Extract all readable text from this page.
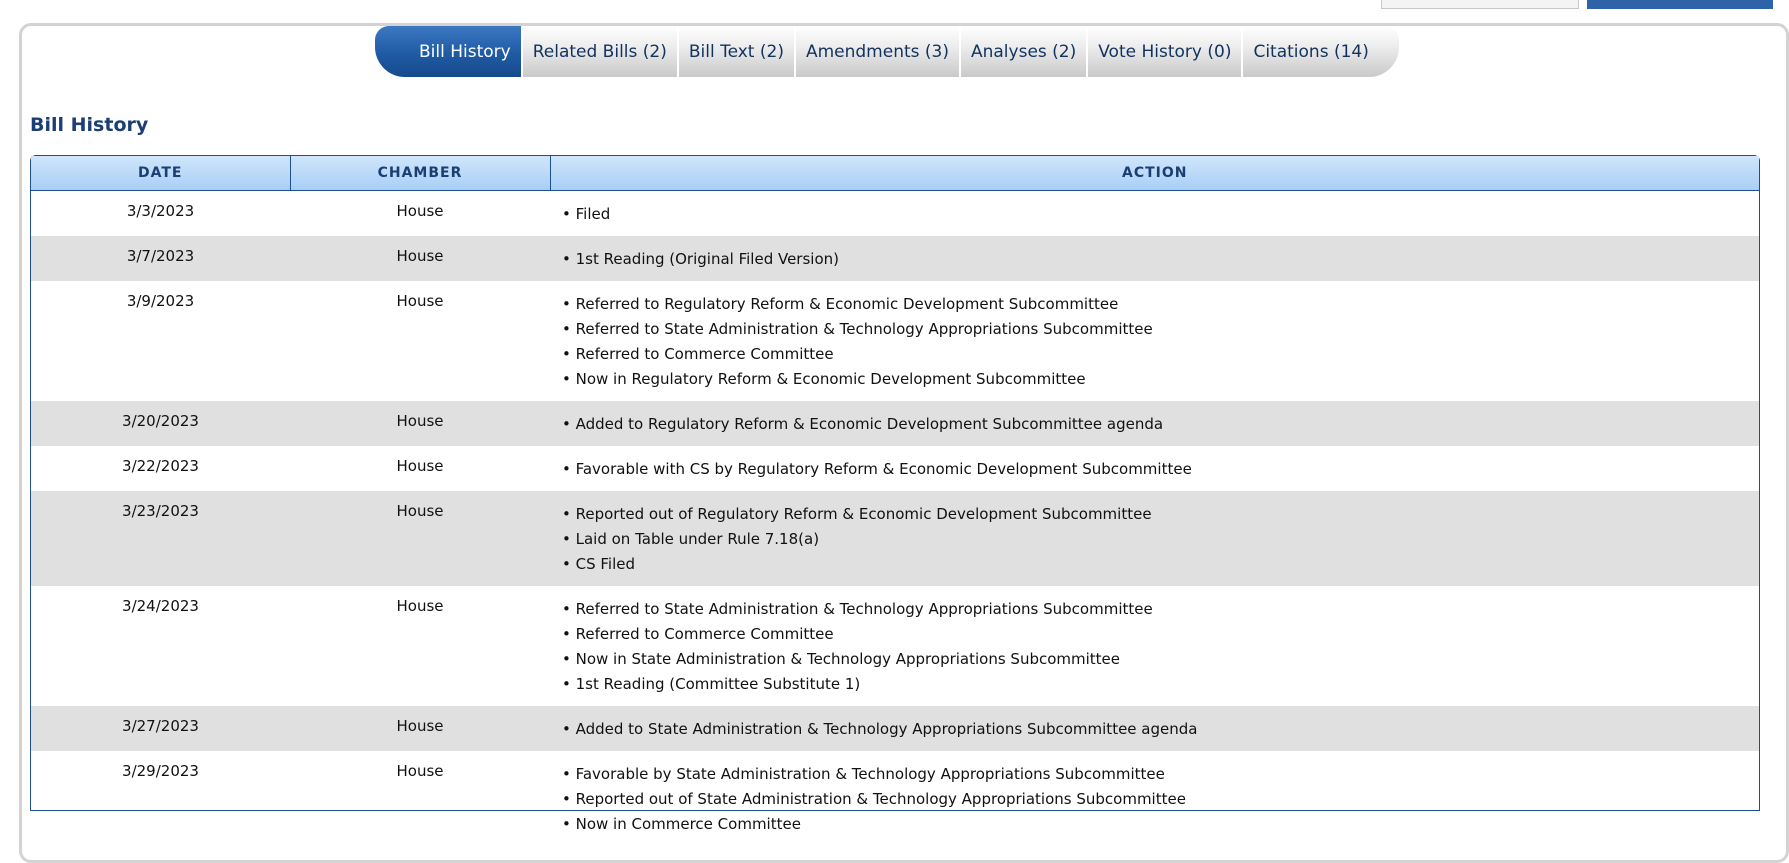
Bill History	Related Bills (2)	Bill Text (2)	Amendments (3)	Analyses (2)	Vote History (0)	Citations (14)
Bill History
DATE	CHAMBER	ACTION
3/3/2023	House	• Filed

3/7/2023	House	• 1st Reading (Original Filed Version)

3/9/2023	House	• Referred to Regulatory Reform & Economic Development Subcommittee
• Referred to State Administration & Technology Appropriations Subcommittee
• Referred to Commerce Committee
• Now in Regulatory Reform & Economic Development Subcommittee

3/20/2023	House	• Added to Regulatory Reform & Economic Development Subcommittee agenda

3/22/2023	House	• Favorable with CS by Regulatory Reform & Economic Development Subcommittee

3/23/2023	House	• Reported out of Regulatory Reform & Economic Development Subcommittee
• Laid on Table under Rule 7.18(a)
• CS Filed

3/24/2023	House	• Referred to State Administration & Technology Appropriations Subcommittee
• Referred to Commerce Committee
• Now in State Administration & Technology Appropriations Subcommittee
• 1st Reading (Committee Substitute 1)

3/27/2023	House	• Added to State Administration & Technology Appropriations Subcommittee agenda

3/29/2023	House	• Favorable by State Administration & Technology Appropriations Subcommittee
• Reported out of State Administration & Technology Appropriations Subcommittee
• Now in Commerce Committee
